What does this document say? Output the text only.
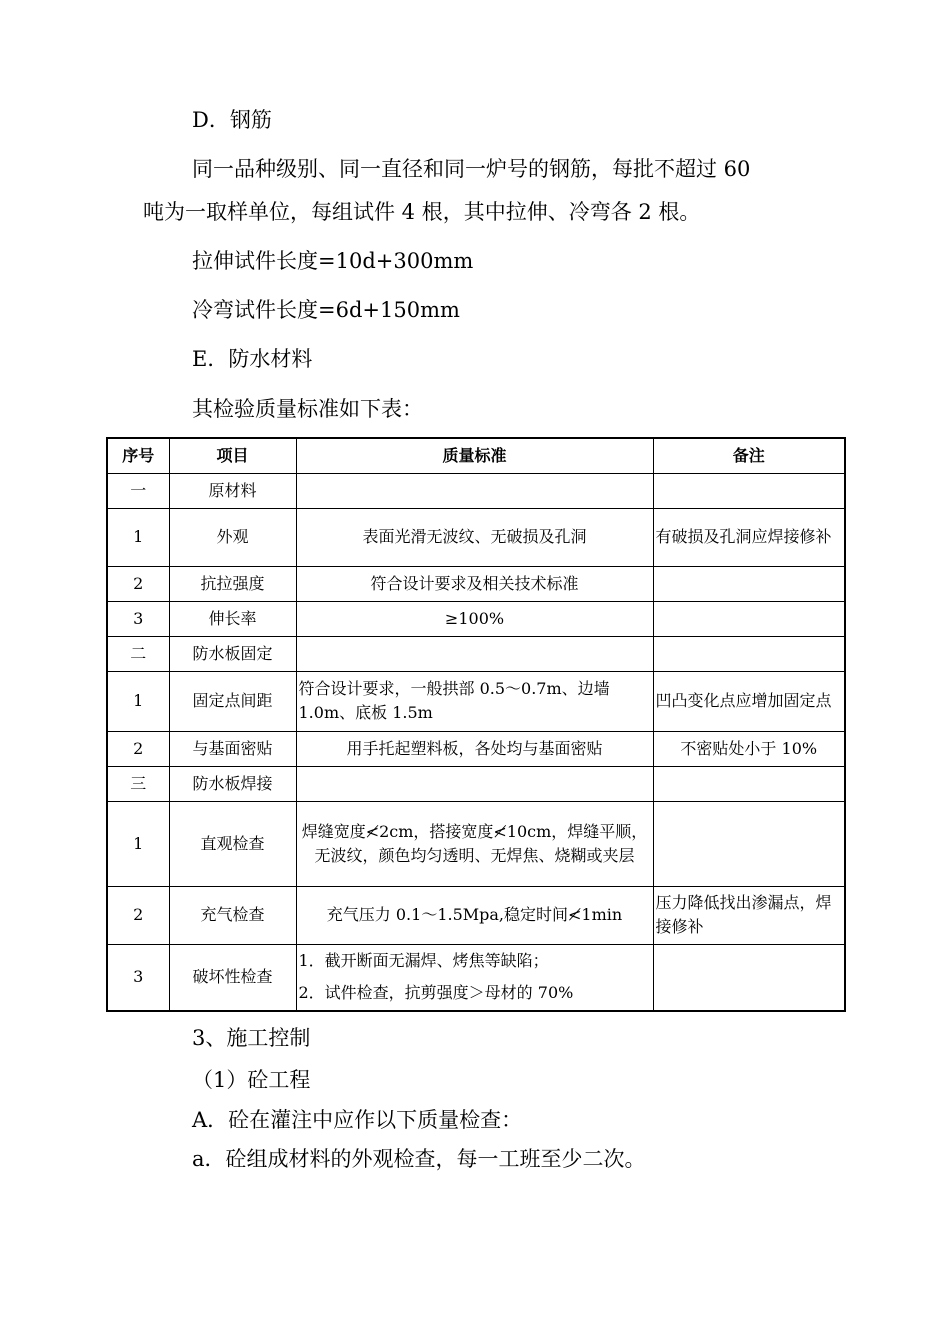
D．钢筋
同一品种级别、同一直径和同一炉号的钢筋，每批不超过 60
吨为一取样单位，每组试件 4 根，其中拉伸、冷弯各 2 根。
拉伸试件长度=10d+300mm
冷弯试件长度=6d+150mm
E．防水材料
其检验质量标准如下表：
序号	项目	质量标准	备注
一	原材料		
1	外观	表面光滑无波纹、无破损及孔洞	有破损及孔洞应焊接修补
2	抗拉强度	符合设计要求及相关技术标准	
3	伸长率	≥100%	
二	防水板固定		
1	固定点间距	符合设计要求，一般拱部 0.5～0.7m、边墙 1.0m、底板 1.5m	凹凸变化点应增加固定点
2	与基面密贴	用手托起塑料板，各处均与基面密贴	不密贴处小于 10%
三	防水板焊接		
1	直观检查	焊缝宽度≮2cm，搭接宽度≮10cm，焊缝平顺，无波纹，颜色均匀透明、无焊焦、烧糊或夹层	
2	充气检查	充气压力 0.1～1.5Mpa,稳定时间≮1min	压力降低找出渗漏点，焊接修补
3	破坏性检查	1．截开断面无漏焊、烤焦等缺陷；
2．试件检查，抗剪强度＞母材的 70%	

3、施工控制
（1）砼工程
A．砼在灌注中应作以下质量检查：
a．砼组成材料的外观检查，每一工班至少二次。
